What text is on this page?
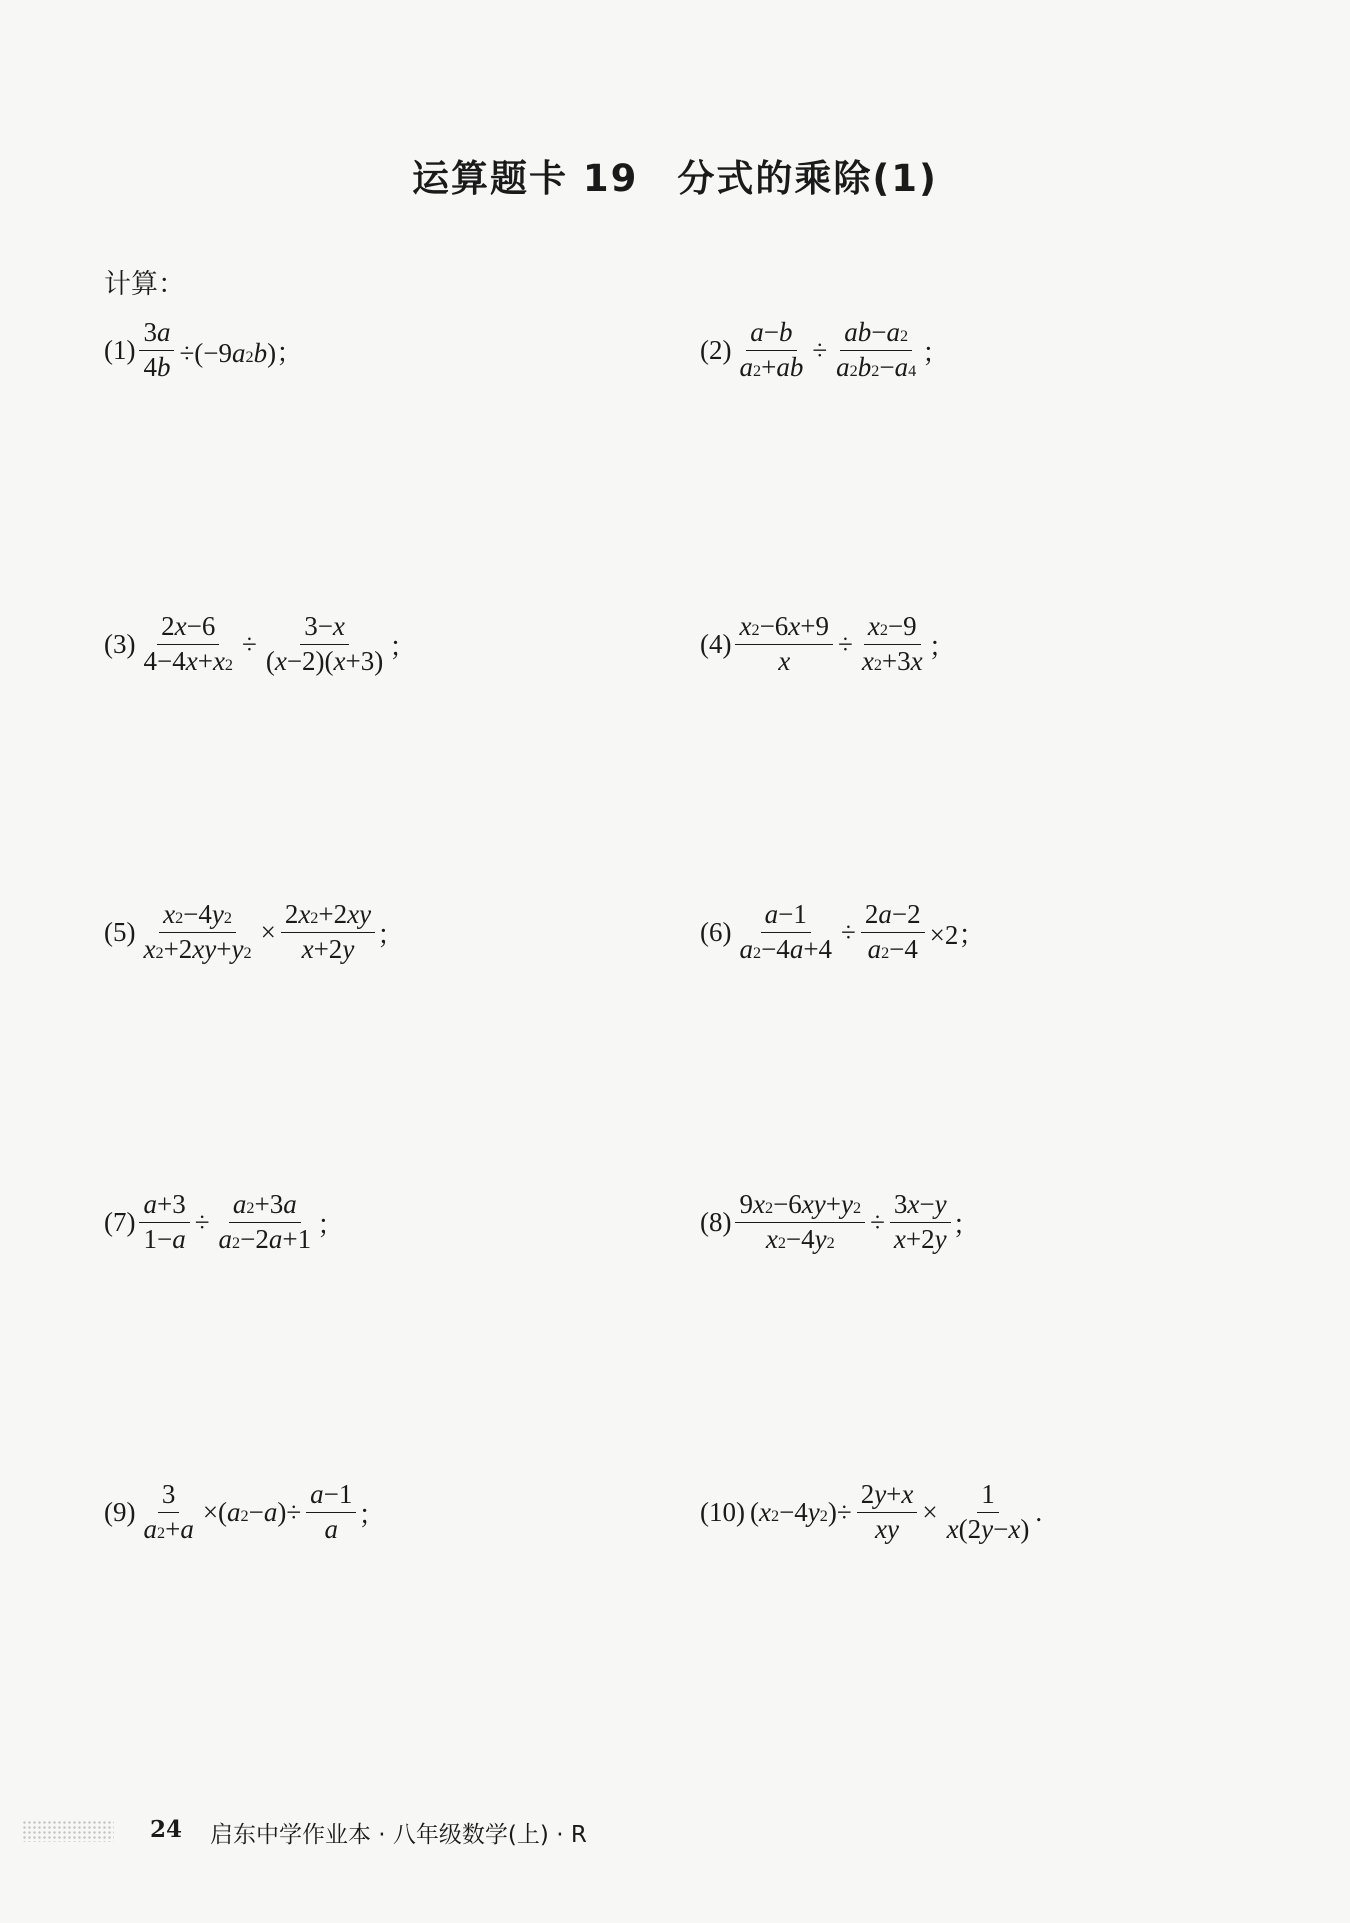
运算题卡 19　分式的乘除(1)
计算：
$(1) \frac{3a}{4b} \div(-9a^2b)$；	$(2) \frac{a-b}{a^2+ab} \div \frac{ab-a^2}{a^2b^2-a^4}$ ；
$(3) \frac{2x-6}{4-4x+x^2} \div \frac{3-x}{(x-2)(x+3)}$ ；	$(4) \frac{x^2-6x+9}{x} \div \frac{x^2-9}{x^2+3x}$ ；
$(5) \frac{x^2-4y^2}{x^2+2xy+y^2} \times \frac{2x^2+2xy}{x+2y}$ ；	$(6) \frac{a-1}{a^2-4a+4} \div \frac{2a-2}{a^2-4} \times 2$；
$(7) \frac{a+3}{1-a} \div \frac{a^2+3a}{a^2-2a+1}$ ；	$(8) \frac{9x^2-6xy+y^2}{x^2-4y^2} \div \frac{3x-y}{x+2y}$ ；
$(9) \frac{3}{a^2+a} \times(a^2-a)\div \frac{a-1}{a}$ ；	(10) $(x^2-4y^2)\div \frac{2y+x}{xy} \times \frac{1}{x(2y-x)}$ .
24 启东中学作业本 · 八年级数学(上) · R
